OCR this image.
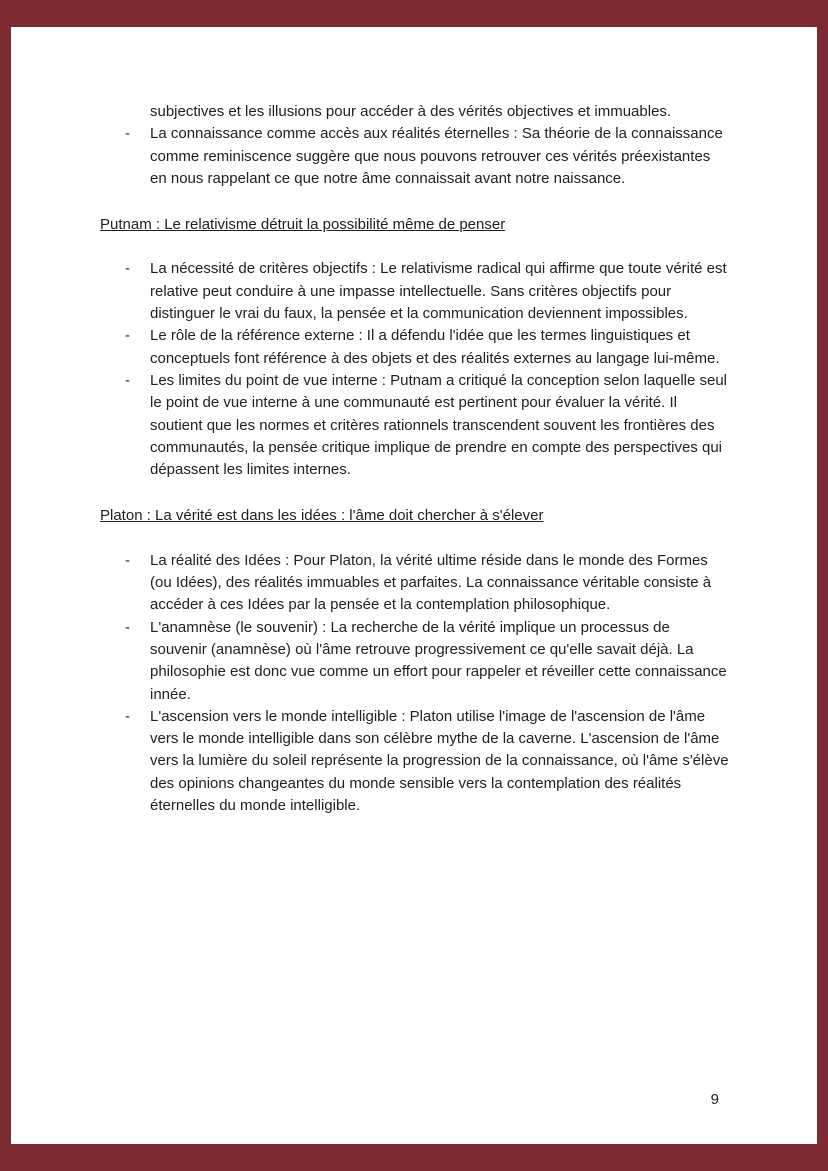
subjectives et les illusions pour accéder à des vérités objectives et immuables.

-	La connaissance comme accès aux réalités éternelles : Sa théorie de la connaissance comme reminiscence suggère que nous pouvons retrouver ces vérités préexistantes en nous rappelant ce que notre âme connaissait avant notre naissance.
Putnam : Le relativisme détruit la possibilité même de penser
-	La nécessité de critères objectifs : Le relativisme radical qui affirme que toute vérité est relative peut conduire à une impasse intellectuelle. Sans critères objectifs pour distinguer le vrai du faux, la pensée et la communication deviennent impossibles.
-	Le rôle de la référence externe : Il a défendu l'idée que les termes linguistiques et conceptuels font référence à des objets et des réalités externes au langage lui-même.
-	Les limites du point de vue interne : Putnam a critiqué la conception selon laquelle seul le point de vue interne à une communauté est pertinent pour évaluer la vérité. Il soutient que les normes et critères rationnels transcendent souvent les frontières des communautés, la pensée critique implique de prendre en compte des perspectives qui dépassent les limites internes.
Platon : La vérité est dans les idées : l'âme doit chercher à s'élever
-	La réalité des Idées : Pour Platon, la vérité ultime réside dans le monde des Formes (ou Idées), des réalités immuables et parfaites. La connaissance véritable consiste à accéder à ces Idées par la pensée et la contemplation philosophique.
-	L'anamnèse (le souvenir) : La recherche de la vérité implique un processus de souvenir (anamnèse) où l'âme retrouve progressivement ce qu'elle savait déjà. La philosophie est donc vue comme un effort pour rappeler et réveiller cette connaissance innée.
-	L'ascension vers le monde intelligible : Platon utilise l'image de l'ascension de l'âme vers le monde intelligible dans son célèbre mythe de la caverne. L'ascension de l'âme vers la lumière du soleil représente la progression de la connaissance, où l'âme s'élève des opinions changeantes du monde sensible vers la contemplation des réalités éternelles du monde intelligible.
9
